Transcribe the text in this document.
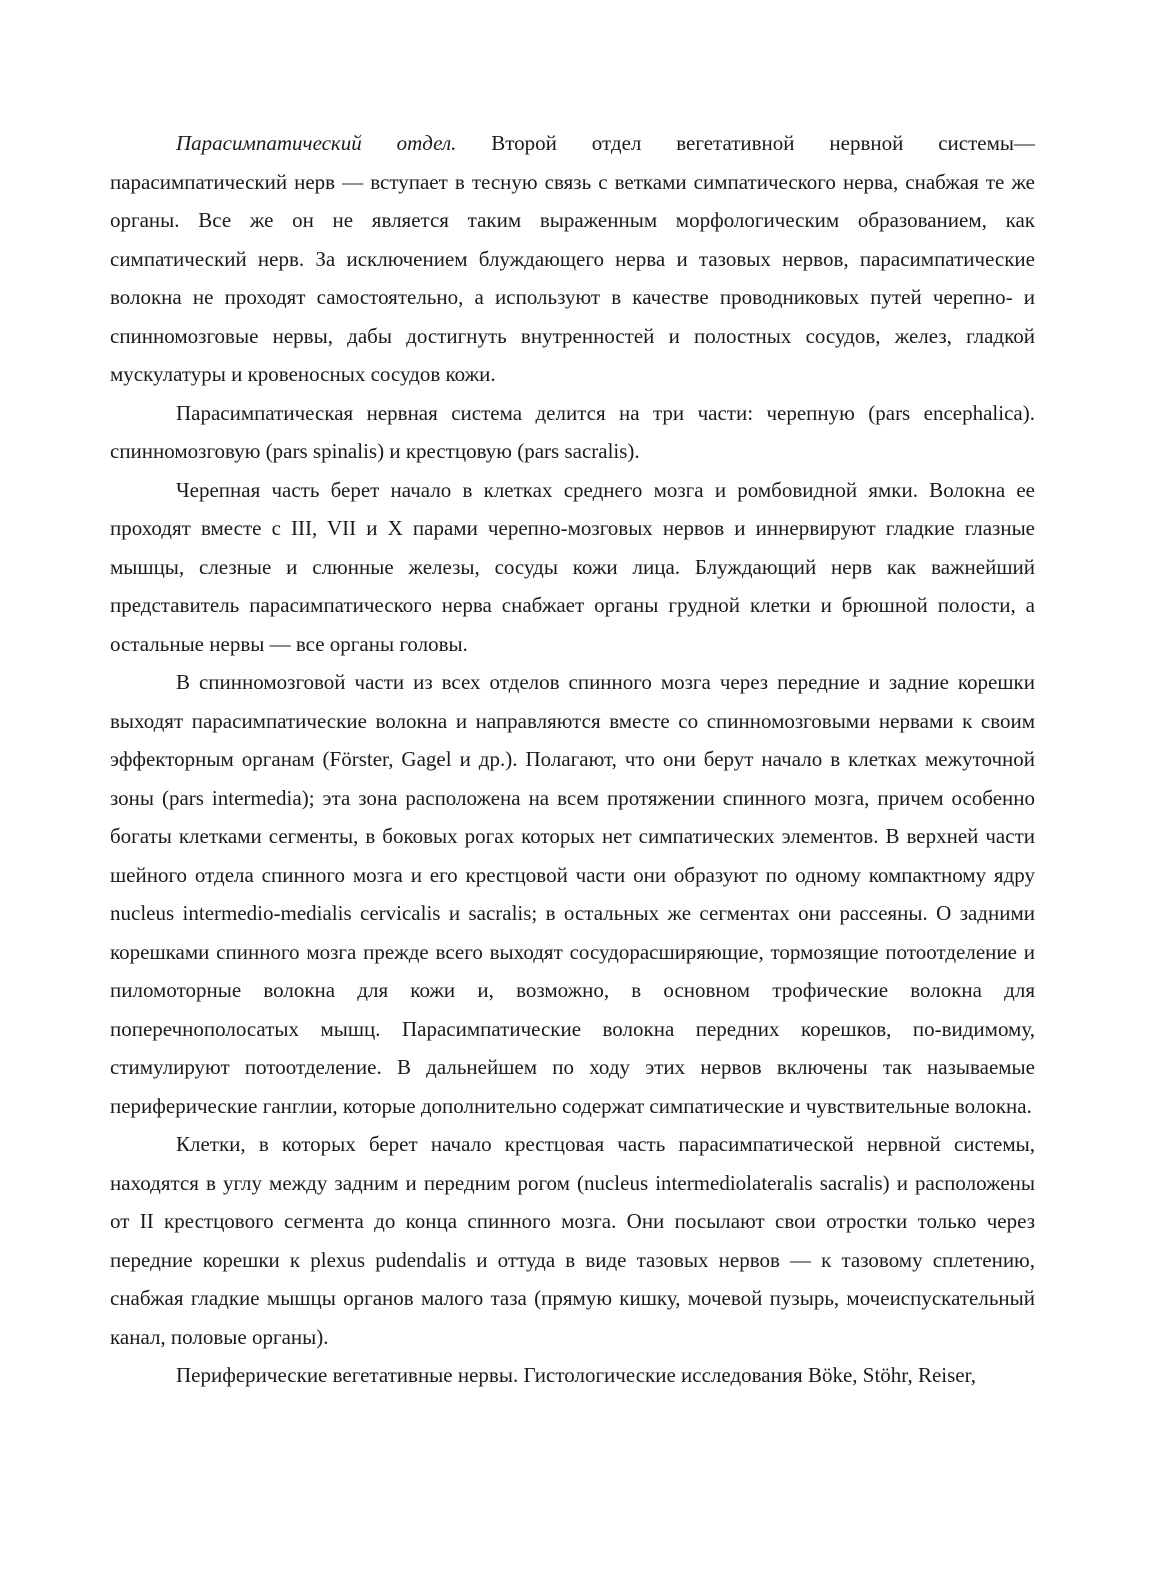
Парасимпатический отдел. Второй отдел вегетативной нервной системы— парасимпатический нерв — вступает в тесную связь с ветками симпатического нерва, снабжая те же органы. Все же он не является таким выраженным морфологическим образованием, как симпатический нерв. За исключением блуждающего нерва и тазовых нервов, парасимпатические волокна не проходят самостоятельно, а используют в качестве проводниковых путей черепно- и спинномозговые нервы, дабы достигнуть внутренностей и полостных сосудов, желез, гладкой мускулатуры и кровеносных сосудов кожи.

Парасимпатическая нервная система делится на три части: черепную (pars encephalica). спинномозговую (pars spinalis) и крестцовую (pars sacralis).

Черепная часть берет начало в клетках среднего мозга и ромбовидной ямки. Волокна ее проходят вместе с III, VII и X парами черепно-мозговых нервов и иннервируют гладкие глазные мышцы, слезные и слюнные железы, сосуды кожи лица. Блуждающий нерв как важнейший представитель парасимпатического нерва снабжает органы грудной клетки и брюшной полости, а остальные нервы — все органы головы.

В спинномозговой части из всех отделов спинного мозга через передние и задние корешки выходят парасимпатические волокна и направляются вместе со спинномозговыми нервами к своим эффекторным органам (Förster, Gagel и др.). Полагают, что они берут начало в клетках межуточной зоны (pars intermedia); эта зона расположена на всем протяжении спинного мозга, причем особенно богаты клетками сегменты, в боковых рогах которых нет симпатических элементов. В верхней части шейного отдела спинного мозга и его крестцовой части они образуют по одному компактному ядру nucleus intermedio-medialis cervicalis и sacralis; в остальных же сегментах они рассеяны. О задними корешками спинного мозга прежде всего выходят сосудорасширяющие, тормозящие потоотделение и пиломоторные волокна для кожи и, возможно, в основном трофические волокна для поперечнополосатых мышц. Парасимпатические волокна передних корешков, по-видимому, стимулируют потоотделение. В дальнейшем по ходу этих нервов включены так называемые периферические ганглии, которые дополнительно содержат симпатические и чувствительные волокна.

Клетки, в которых берет начало крестцовая часть парасимпатической нервной системы, находятся в углу между задним и передним рогом (nucleus intermediolateralis sacralis) и расположены от II крестцового сегмента до конца спинного мозга. Они посылают свои отростки только через передние корешки к plexus pudendalis и оттуда в виде тазовых нервов — к тазовому сплетению, снабжая гладкие мышцы органов малого таза (прямую кишку, мочевой пузырь, мочеиспускательный канал, половые органы).

Периферические вегетативные нервы. Гистологические исследования Böke, Stöhr, Reiser,
